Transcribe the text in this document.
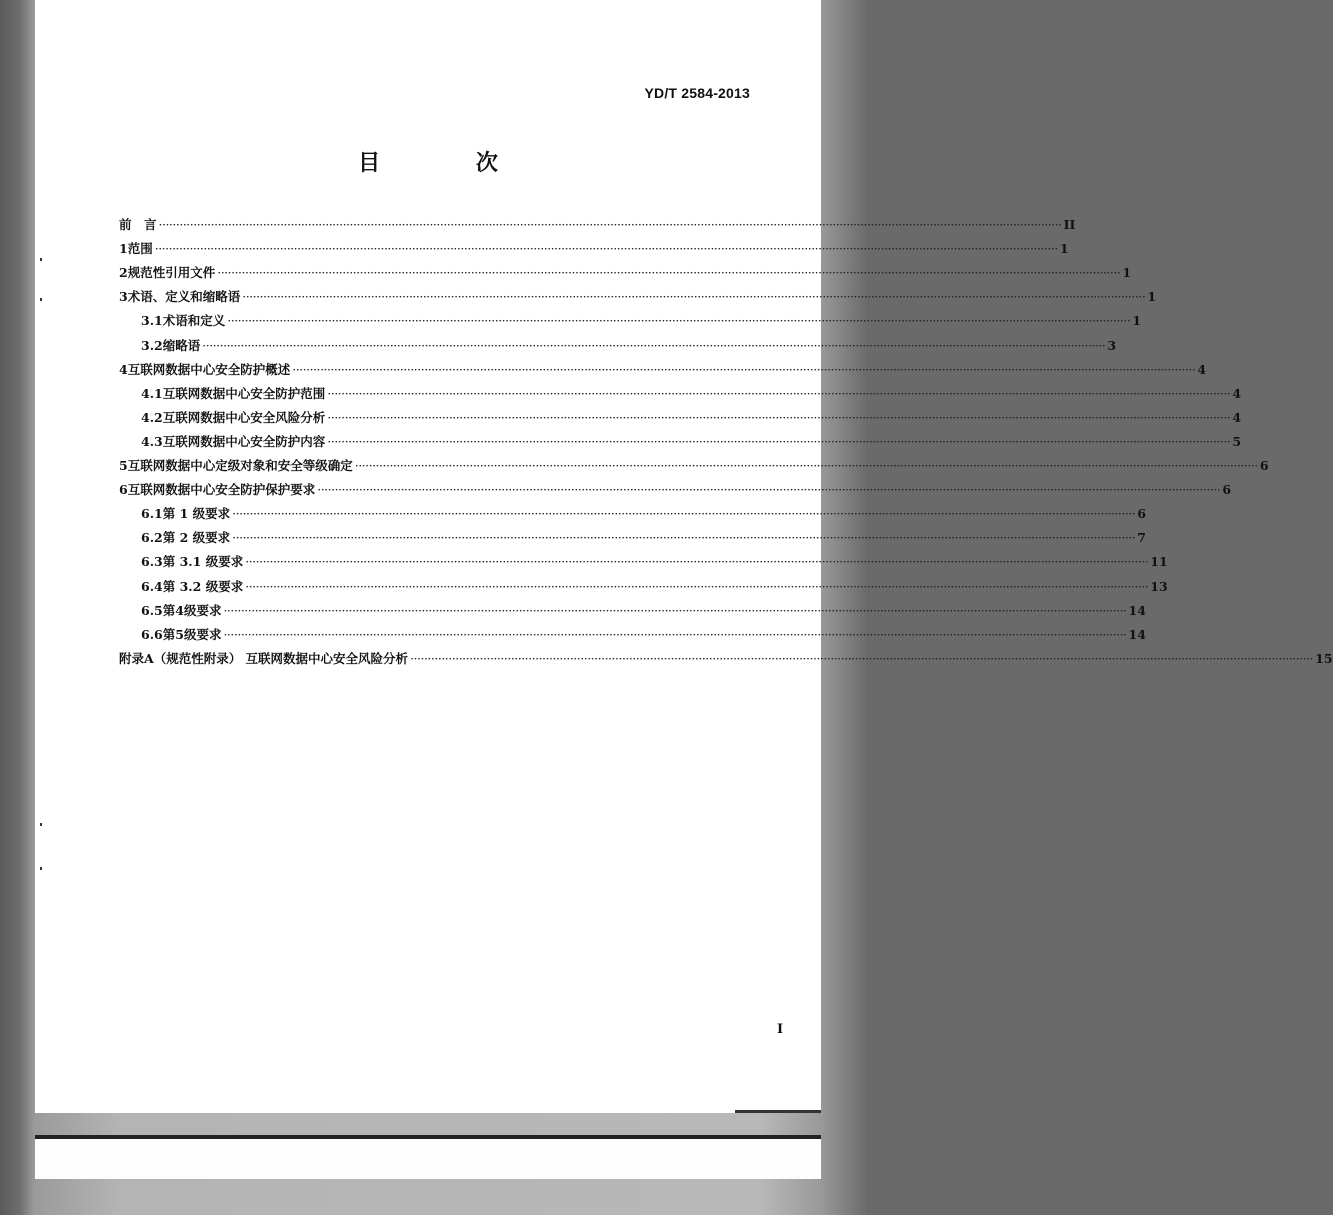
YD/T 2584-2013
目 次
前　言 ···································································································································································································································································· II
1 范围 ···································································································································································································································································· 1
2 规范性引用文件 ···································································································································································································································································· 1
3 术语、定义和缩略语 ···································································································································································································································································· 1
3.1 术语和定义 ···································································································································································································································································· 1
3.2 缩略语 ···································································································································································································································································· 3
4 互联网数据中心安全防护概述 ···································································································································································································································································· 4
4.1 互联网数据中心安全防护范围 ···································································································································································································································································· 4
4.2 互联网数据中心安全风险分析 ···································································································································································································································································· 4
4.3 互联网数据中心安全防护内容 ···································································································································································································································································· 5
5 互联网数据中心定级对象和安全等级确定 ···································································································································································································································································· 6
6 互联网数据中心安全防护保护要求 ···································································································································································································································································· 6
6.1 第 1 级要求 ···································································································································································································································································· 6
6.2 第 2 级要求 ···································································································································································································································································· 7
6.3 第 3.1 级要求 ···································································································································································································································································· 11
6.4 第 3.2 级要求 ···································································································································································································································································· 13
6.5 第4级要求 ···································································································································································································································································· 14
6.6 第5级要求 ···································································································································································································································································· 14
附录A（规范性附录） 互联网数据中心安全风险分析 ···································································································································································································································································· 15
I
